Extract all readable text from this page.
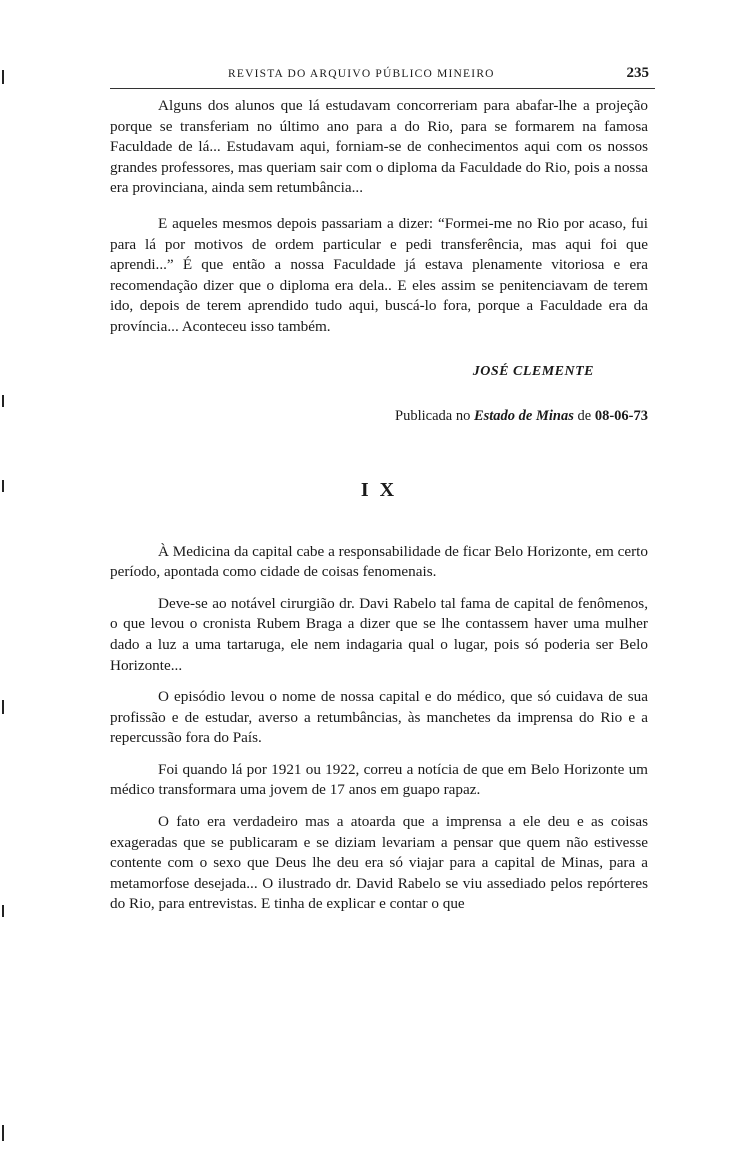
REVISTA DO ARQUIVO PÚBLICO MINEIRO	235

Alguns dos alunos que lá estudavam concorreriam para abafar-lhe a projeção porque se transferiam no último ano para a do Rio, para se formarem na famosa Faculdade de lá... Estudavam aqui, forniam-se de conhecimentos aqui com os nossos grandes professores, mas queriam sair com o diploma da Faculdade do Rio, pois a nossa era provinciana, ainda sem retumbância...

E aqueles mesmos depois passariam a dizer: “Formei-me no Rio por acaso, fui para lá por motivos de ordem particular e pedi transferência, mas aqui foi que aprendi...” É que então a nossa Faculdade já estava plenamente vitoriosa e era recomendação dizer que o diploma era dela.. E eles assim se penitenciavam de terem ido, depois de terem aprendido tudo aqui, buscá-lo fora, porque a Faculdade era da província... Aconteceu isso também.

JOSÉ CLEMENTE
Publicada no Estado de Minas de 08-06-73
I X

À Medicina da capital cabe a responsabilidade de ficar Belo Horizonte, em certo período, apontada como cidade de coisas fenomenais.

Deve-se ao notável cirurgião dr. Davi Rabelo tal fama de capital de fenômenos, o que levou o cronista Rubem Braga a dizer que se lhe contassem haver uma mulher dado a luz a uma tartaruga, ele nem indagaria qual o lugar, pois só poderia ser Belo Horizonte...

O episódio levou o nome de nossa capital e do médico, que só cuidava de sua profissão e de estudar, averso a retumbâncias, às manchetes da imprensa do Rio e a repercussão fora do País.

Foi quando lá por 1921 ou 1922, correu a notícia de que em Belo Horizonte um médico transformara uma jovem de 17 anos em guapo rapaz.

O fato era verdadeiro mas a atoarda que a imprensa a ele deu e as coisas exageradas que se publicaram e se diziam levariam a pensar que quem não estivesse contente com o sexo que Deus lhe deu era só viajar para a capital de Minas, para a metamorfose desejada... O ilustrado dr. David Rabelo se viu assediado pelos repórteres do Rio, para entrevistas. E tinha de explicar e contar o que
